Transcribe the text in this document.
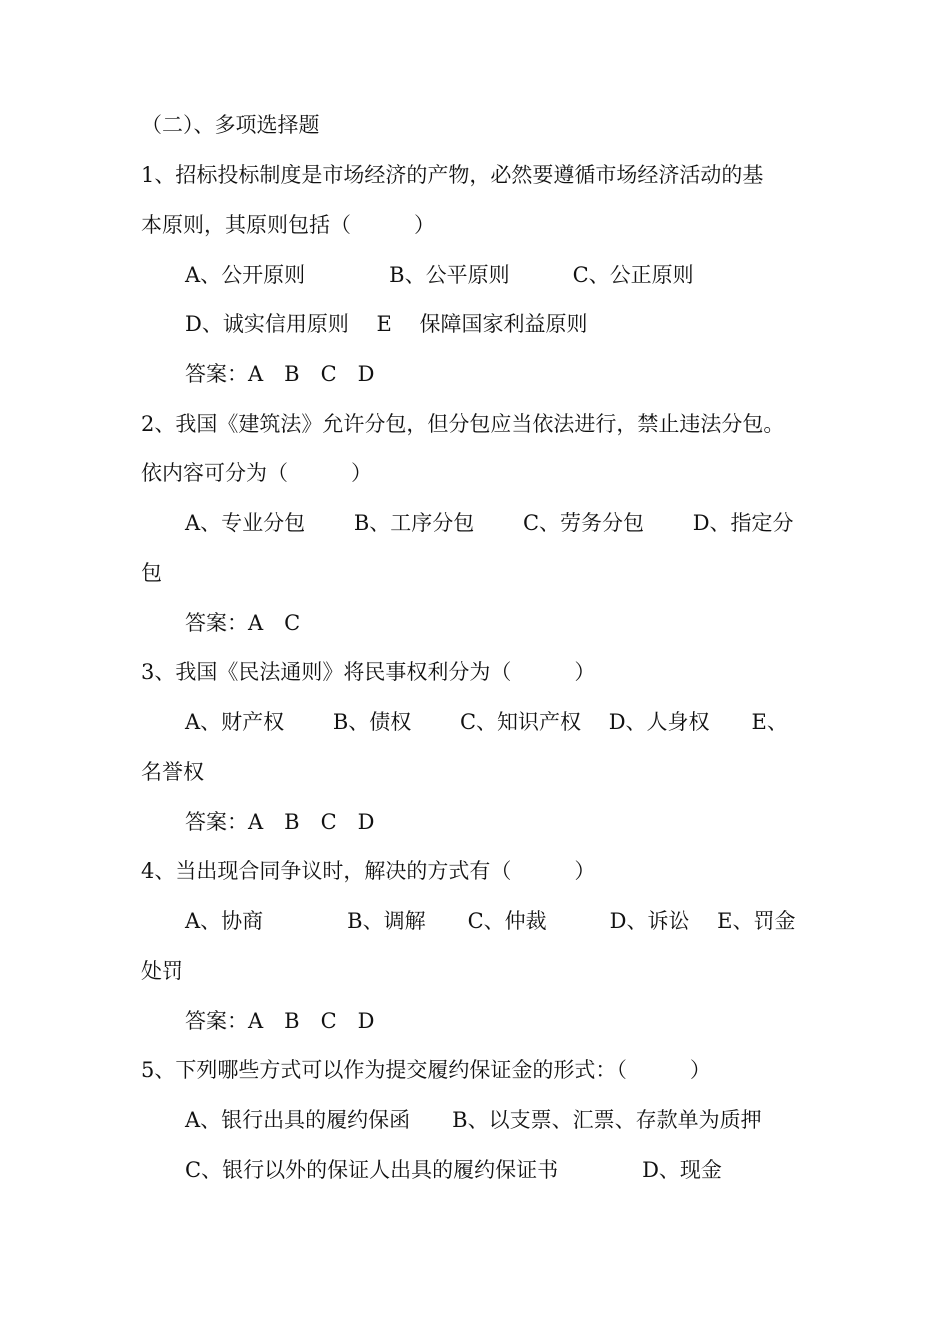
（二）、多项选择题
1、招标投标制度是市场经济的产物，必然要遵循市场经济活动的基
本原则，其原则包括（　　　）
A、公开原则　　　　B、公平原则　　　C、公正原则
D、诚实信用原则　 E　 保障国家利益原则
答案：A　B　C　D
2、我国《建筑法》允许分包，但分包应当依法进行，禁止违法分包。
依内容可分为（　　　）
A、专业分包　　 B、工序分包　　 C、劳务分包　　 D、指定分
包
答案：A　C
3、我国《民法通则》将民事权利分为（　　　）
A、财产权　　 B、债权　　 C、知识产权　 D、人身权　　E、
名誉权
答案：A　B　C　D
4、当出现合同争议时，解决的方式有（　　　）
A、协商　　　　B、调解　　C、仲裁　　　D、诉讼　 E、罚金
处罚
答案：A　B　C　D
5、下列哪些方式可以作为提交履约保证金的形式：（　　　）
A、银行出具的履约保函　　B、以支票、汇票、存款单为质押
C、银行以外的保证人出具的履约保证书　　　　D、现金
